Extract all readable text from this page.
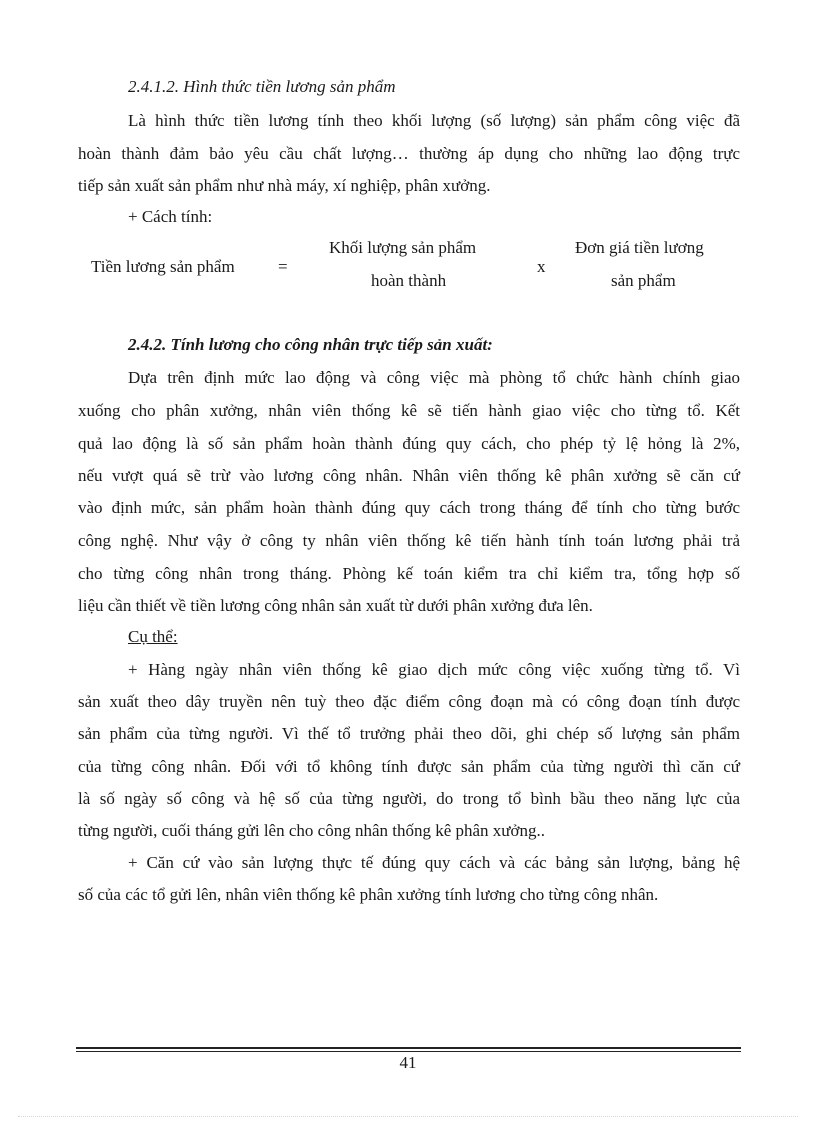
2.4.1.2. Hình thức tiền lương sản phẩm
Là hình thức tiền lương tính theo khối lượng (số lượng) sản phẩm công việc đã
hoàn thành đảm bảo yêu cầu chất lượng… thường áp dụng cho những lao động trực
tiếp sản xuất sản phẩm như nhà máy, xí nghiệp, phân xưởng.
+ Cách tính:
Tiền lương sản phẩm	=
Khối lượng sản phẩm
hoàn thành
x
Đơn giá tiền lương
sản phẩm
2.4.2. Tính lương cho công nhân trực tiếp sản xuất:
Dựa trên định mức lao động và công việc mà phòng tổ chức hành chính giao
xuống cho phân xưởng, nhân viên thống kê sẽ tiến hành giao việc cho từng tổ. Kết
quả lao động là số sản phẩm hoàn thành đúng quy cách, cho phép tỷ lệ hỏng là 2%,
nếu vượt quá sẽ trừ vào lương công nhân. Nhân viên thống kê phân xưởng sẽ căn cứ
vào định mức, sản phẩm hoàn thành đúng quy cách trong tháng để tính cho từng bước
công nghệ. Như vậy ở công ty nhân viên thống kê tiến hành tính toán lương phải trả
cho từng công nhân trong tháng. Phòng kế toán kiểm tra chỉ kiểm tra, tổng hợp số
liệu cần thiết về tiền lương công nhân sản xuất từ dưới phân xưởng đưa lên.
Cụ thể:
+ Hàng ngày nhân viên thống kê giao dịch mức công việc xuống từng tổ. Vì
sản xuất theo dây truyền nên tuỳ theo đặc điểm công đoạn mà có công đoạn tính được
sản phẩm của từng người. Vì thế tổ trưởng phải theo dõi, ghi chép số lượng sản phẩm
của từng công nhân. Đối với tổ không tính được sản phẩm của từng người thì căn cứ
là số ngày số công và hệ số của từng người, do trong tổ bình bầu theo năng lực của
từng người, cuối tháng gửi lên cho công nhân thống kê phân xưởng..
+ Căn cứ vào sản lượng thực tế đúng quy cách và các bảng sản lượng, bảng hệ
số của các tổ gửi lên, nhân viên thống kê phân xưởng tính lương cho từng công nhân.
41
